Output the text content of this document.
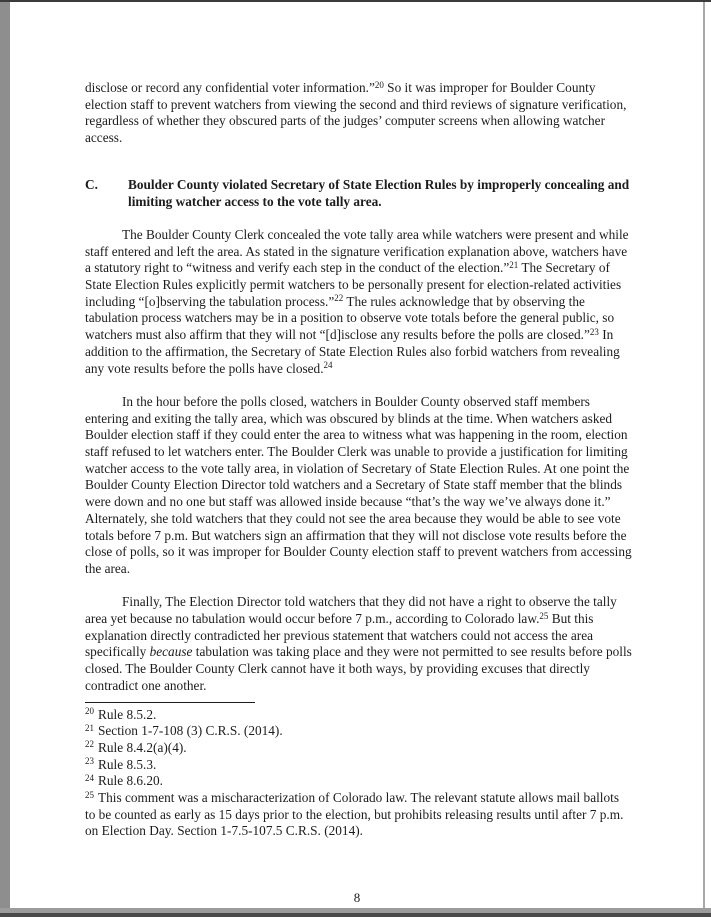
disclose or record any confidential voter information.”$^{20}$ So it was improper for Boulder County election staff to prevent watchers from viewing the second and third reviews of signature verification, regardless of whether they obscured parts of the judges’ computer screens when allowing watcher access.

C.	Boulder County violated Secretary of State Election Rules by improperly concealing and limiting watcher access to the vote tally area.

The Boulder County Clerk concealed the vote tally area while watchers were present and while staff entered and left the area. As stated in the signature verification explanation above, watchers have a statutory right to “witness and verify each step in the conduct of the election.”$^{21}$ The Secretary of State Election Rules explicitly permit watchers to be personally present for election-related activities including “[o]bserving the tabulation process.”$^{22}$ The rules acknowledge that by observing the tabulation process watchers may be in a position to observe vote totals before the general public, so watchers must also affirm that they will not “[d]isclose any results before the polls are closed.”$^{23}$ In addition to the affirmation, the Secretary of State Election Rules also forbid watchers from revealing any vote results before the polls have closed.$^{24}$

In the hour before the polls closed, watchers in Boulder County observed staff members entering and exiting the tally area, which was obscured by blinds at the time. When watchers asked Boulder election staff if they could enter the area to witness what was happening in the room, election staff refused to let watchers enter. The Boulder Clerk was unable to provide a justification for limiting watcher access to the vote tally area, in violation of Secretary of State Election Rules. At one point the Boulder County Election Director told watchers and a Secretary of State staff member that the blinds were down and no one but staff was allowed inside because “that’s the way we’ve always done it.” Alternately, she told watchers that they could not see the area because they would be able to see vote totals before 7 p.m. But watchers sign an affirmation that they will not disclose vote results before the close of polls, so it was improper for Boulder County election staff to prevent watchers from accessing the area.

Finally, The Election Director told watchers that they did not have a right to observe the tally area yet because no tabulation would occur before 7 p.m., according to Colorado law.$^{25}$ But this explanation directly contradicted her previous statement that watchers could not access the area specifically because tabulation was taking place and they were not permitted to see results before polls closed. The Boulder County Clerk cannot have it both ways, by providing excuses that directly contradict one another.

$^{20}$ Rule 8.5.2.
$^{21}$ Section 1-7-108 (3) C.R.S. (2014).
$^{22}$ Rule 8.4.2(a)(4).
$^{23}$ Rule 8.5.3.
$^{24}$ Rule 8.6.20.
$^{25}$ This comment was a mischaracterization of Colorado law. The relevant statute allows mail ballots to be counted as early as 15 days prior to the election, but prohibits releasing results until after 7 p.m. on Election Day. Section 1-7.5-107.5 C.R.S. (2014).
8
